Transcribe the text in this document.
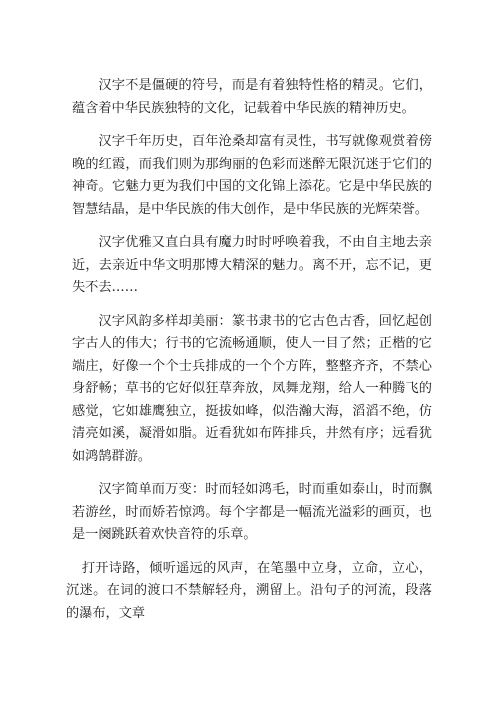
汉字不是僵硬的符号，而是有着独特性格的精灵。它们，蕴含着中华民族独特的文化，记载着中华民族的精神历史。

汉字千年历史，百年沧桑却富有灵性，书写就像观赏着傍晚的红霞，而我们则为那绚丽的色彩而迷醉无限沉迷于它们的神奇。它魅力更为我们中国的文化锦上添花。它是中华民族的智慧结晶，是中华民族的伟大创作，是中华民族的光辉荣誉。

汉字优雅又直白具有魔力时时呼唤着我，不由自主地去亲近，去亲近中华文明那博大精深的魅力。离不开，忘不记，更失不去……

汉字风韵多样却美丽：篆书隶书的它古色古香，回忆起创字古人的伟大；行书的它流畅通顺，使人一目了然；正楷的它端庄，好像一个个士兵排成的一个个方阵，整整齐齐，不禁心身舒畅；草书的它好似狂草奔放，凤舞龙翔，给人一种腾飞的感觉，它如雄鹰独立，挺拔如峰，似浩瀚大海，滔滔不绝，仿清亮如溪，凝滑如脂。近看犹如布阵排兵，井然有序；远看犹如鸿鹄群游。

汉字简单而万变：时而轻如鸿毛，时而重如泰山，时而飘若游丝，时而娇若惊鸿。每个字都是一幅流光溢彩的画页，也是一阕跳跃着欢快音符的乐章。

打开诗路，倾听遥远的风声，在笔墨中立身，立命，立心，沉迷。在词的渡口不禁解轻舟，溯留上。沿句子的河流，段落的瀑布，文章
